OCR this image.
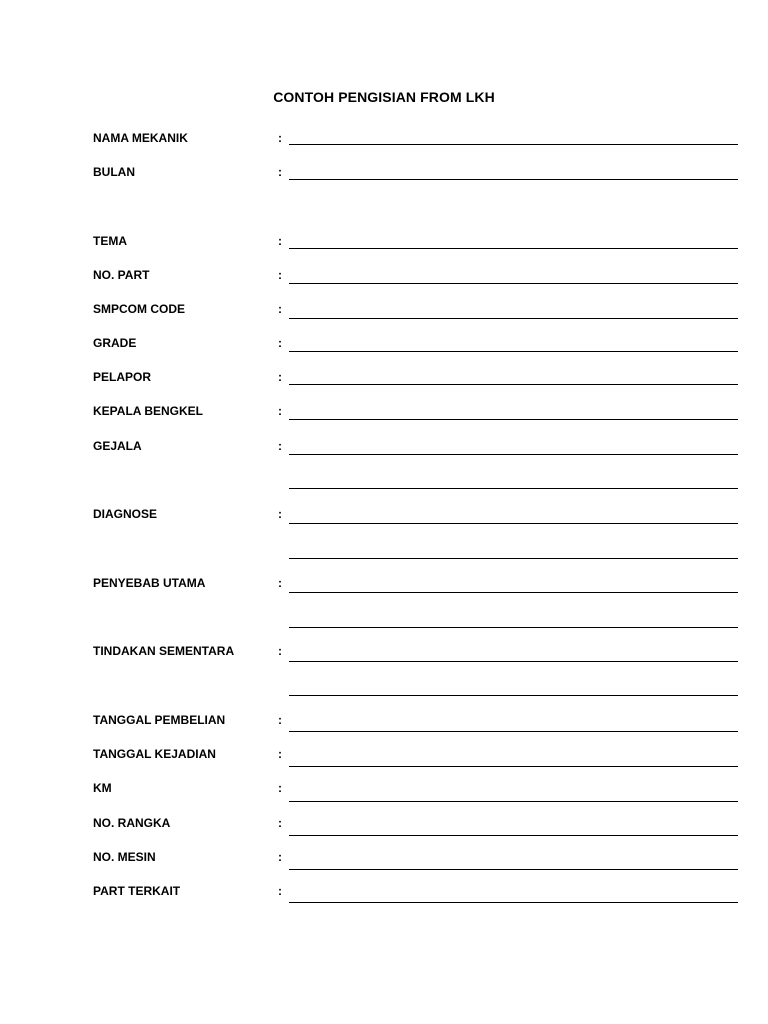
CONTOH PENGISIAN FROM LKH
NAMA MEKANIK	:
BULAN	:
TEMA	:
NO. PART	:
SMPCOM CODE	:
GRADE	:
PELAPOR	:
KEPALA BENGKEL	:
GEJALA	:
DIAGNOSE	:
PENYEBAB UTAMA	:
TINDAKAN SEMENTARA	:
TANGGAL PEMBELIAN	:
TANGGAL KEJADIAN	:
KM	:
NO. RANGKA	:
NO. MESIN	:
PART TERKAIT	:
